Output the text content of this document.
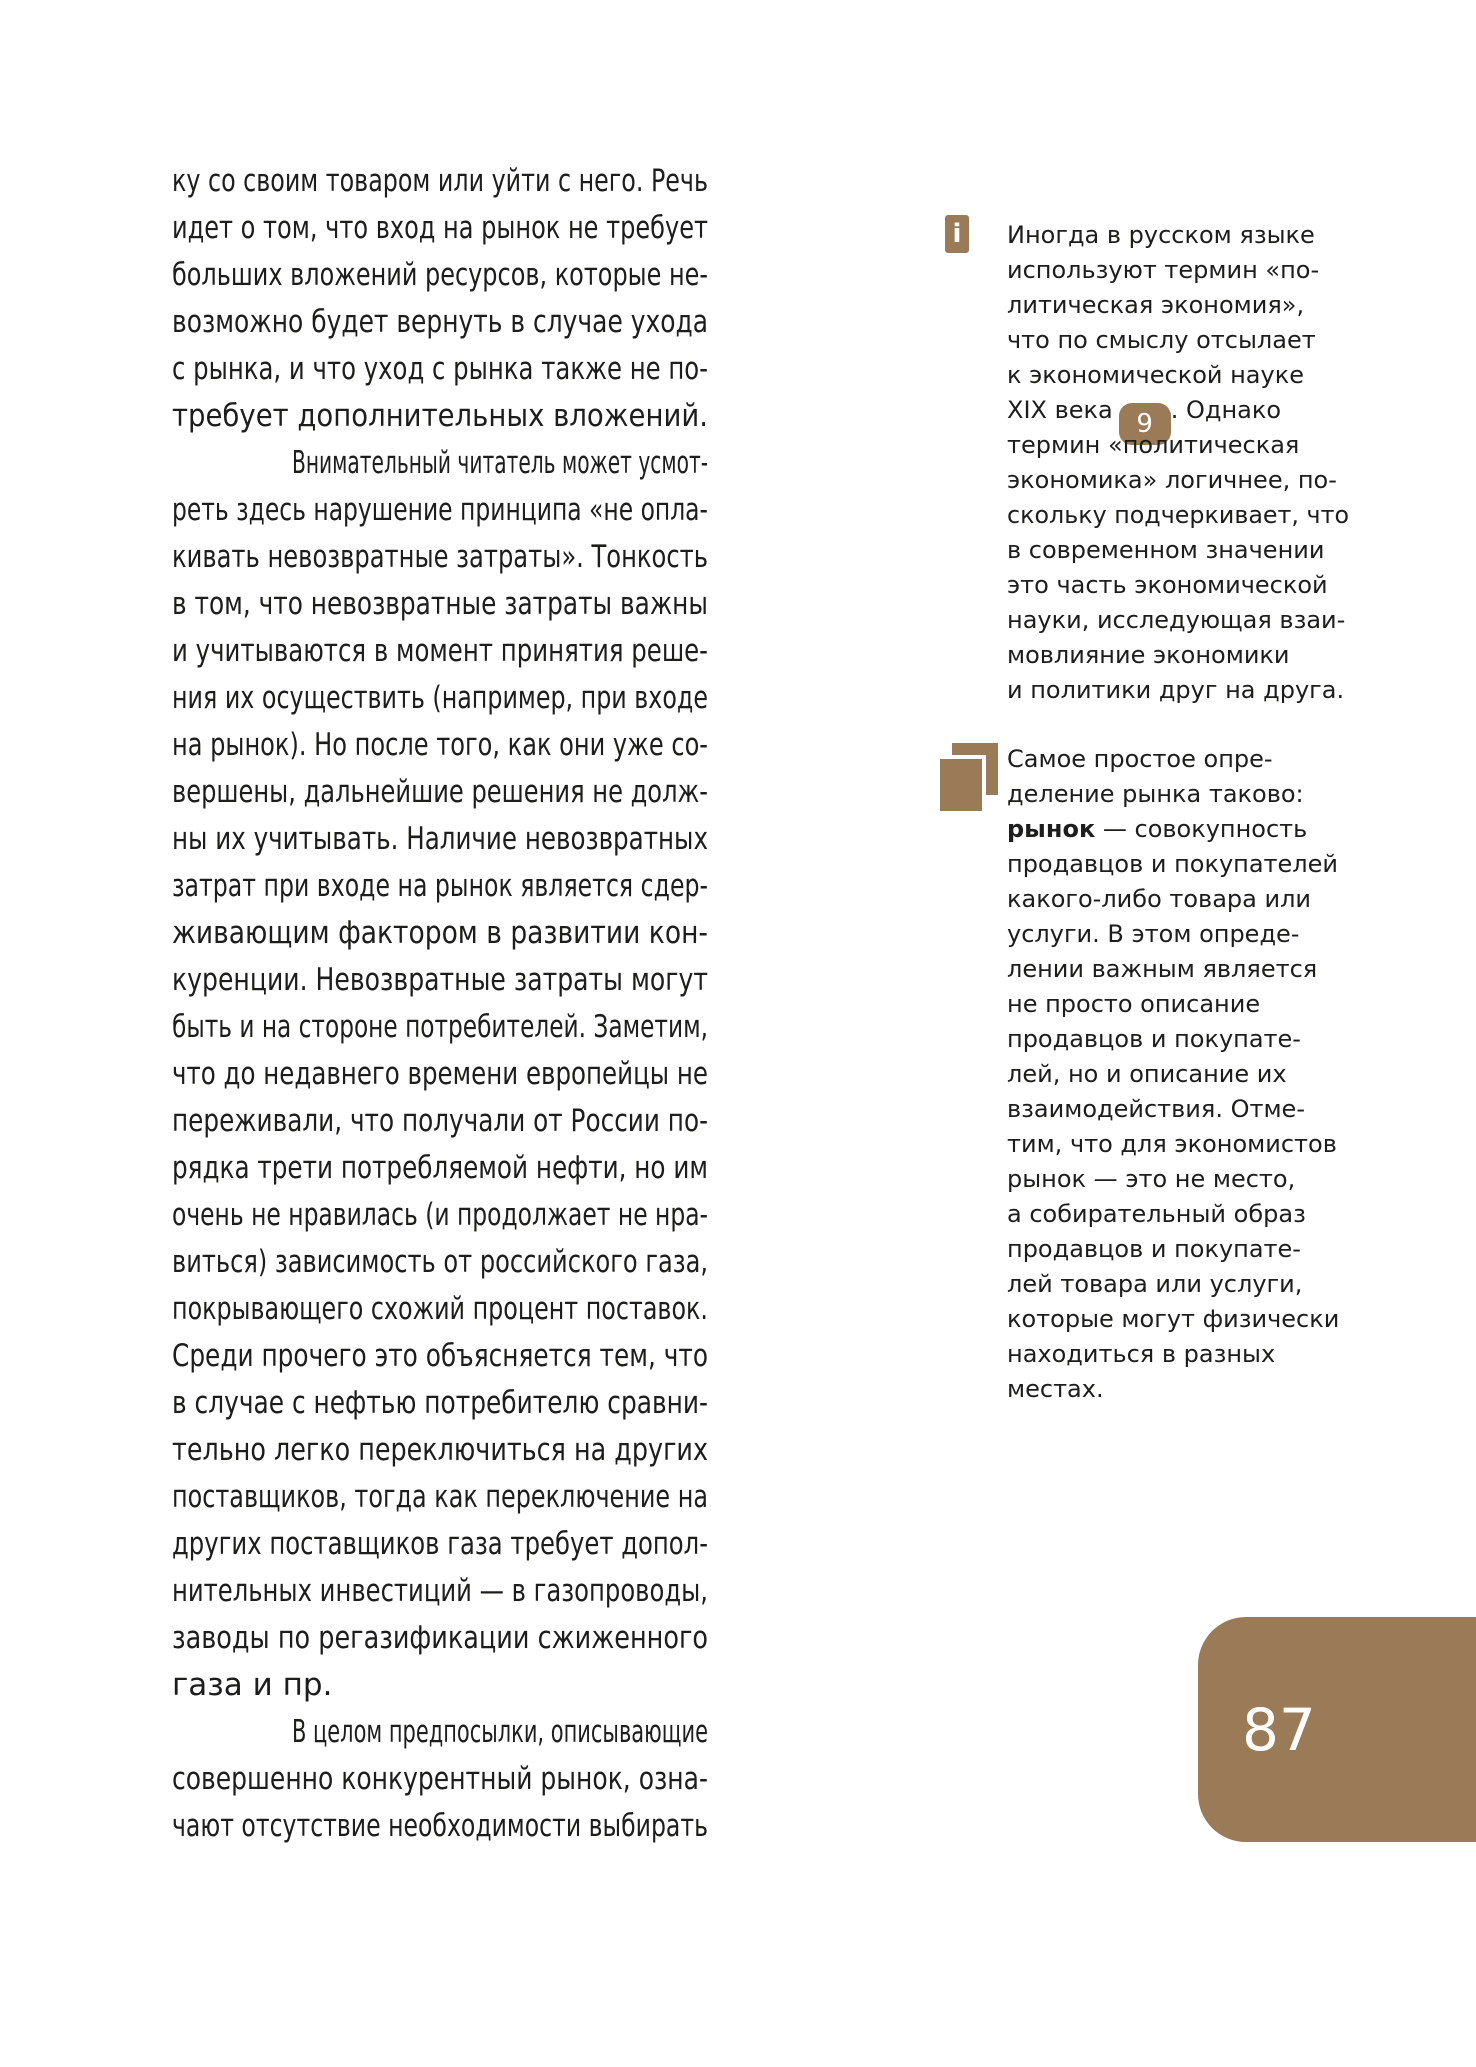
ку со своим товаром или уйти с него. Речь
идет о том, что вход на рынок не требует
больших вложений ресурсов, которые не-
возможно будет вернуть в случае ухода
с рынка, и что уход с рынка также не по-
требует дополнительных вложений.
Внимательный читатель может усмот-
реть здесь нарушение принципа «не опла-
кивать невозвратные затраты». Тонкость
в том, что невозвратные затраты важны
и учитываются в момент принятия реше-
ния их осуществить (например, при входе
на рынок). Но после того, как они уже со-
вершены, дальнейшие решения не долж-
ны их учитывать. Наличие невозвратных
затрат при входе на рынок является сдер-
живающим фактором в развитии кон-
куренции. Невозвратные затраты могут
быть и на стороне потребителей. Заметим,
что до недавнего времени европейцы не
переживали, что получали от России по-
рядка трети потребляемой нефти, но им
очень не нравилась (и продолжает не нра-
виться) зависимость от российского газа,
покрывающего схожий процент поставок.
Среди прочего это объясняется тем, что
в случае с нефтью потребителю сравни-
тельно легко переключиться на других
поставщиков, тогда как переключение на
других поставщиков газа требует допол-
нительных инвестиций — в газопроводы,
заводы по регазификации сжиженного
газа и пр.
В целом предпосылки, описывающие
совершенно конкурентный рынок, озна-
чают отсутствие необходимости выбирать
i Иногда в русском языке
используют термин «по-
литическая экономия»,
что по смыслу отсылает
к экономической науке
XIX века 9 . Однако
термин «политическая
экономика» логичнее, по-
скольку подчеркивает, что
в современном значении
это часть экономической
науки, исследующая взаи-
мовлияние экономики
и политики друг на друга.
Самое простое опре-
деление рынка таково:
рынок — совокупность
продавцов и покупателей
какого-либо товара или
услуги. В этом опреде-
лении важным является
не просто описание
продавцов и покупате-
лей, но и описание их
взаимодействия. Отме-
тим, что для экономистов
рынок — это не место,
а собирательный образ
продавцов и покупате-
лей товара или услуги,
которые могут физически
находиться в разных
местах.
87
